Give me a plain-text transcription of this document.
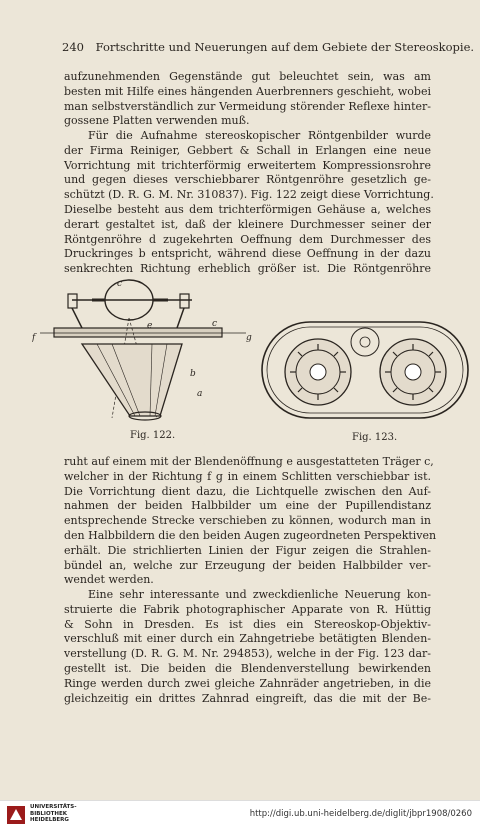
240 Fortschritte und Neuerungen auf dem Gebiete der Stereoskopie.
aufzunehmenden Gegenstände gut beleuchtet sein, was am
besten mit Hilfe eines hängenden Auerbrenners geschieht, wobei
man selbstverständlich zur Vermeidung störender Reflexe hinter-
gossene Platten verwenden muß.
Für die Aufnahme stereoskopischer Röntgenbilder wurde
der Firma Reiniger, Gebbert & Schall in Erlangen eine neue
Vorrichtung mit trichterförmig erweitertem Kompressionsrohre
und gegen dieses verschiebbarer Röntgenröhre gesetzlich ge-
schützt (D. R. G. M. Nr. 310837). Fig. 122 zeigt diese Vorrichtung.
Dieselbe besteht aus dem trichterförmigen Gehäuse a, welches
derart gestaltet ist, daß der kleinere Durchmesser seiner der
Röntgenröhre d zugekehrten Oeffnung dem Durchmesser des
Druckringes b entspricht, während diese Oeffnung in der dazu
senkrechten Richtung erheblich größer ist. Die Röntgenröhre
c
f
e	c
g
b
a
Fig. 122.	Fig. 123.
ruht auf einem mit der Blendenöffnung e ausgestatteten Träger c,
welcher in der Richtung f g in einem Schlitten verschiebbar ist.
Die Vorrichtung dient dazu, die Lichtquelle zwischen den Auf-
nahmen der beiden Halbbilder um eine der Pupillendistanz
entsprechende Strecke verschieben zu können, wodurch man in
den Halbbildern die den beiden Augen zugeordneten Perspektiven
erhält. Die strichlierten Linien der Figur zeigen die Strahlen-
bündel an, welche zur Erzeugung der beiden Halbbilder ver-
wendet werden.
Eine sehr interessante und zweckdienliche Neuerung kon-
struierte die Fabrik photographischer Apparate von R. Hüttig
& Sohn in Dresden. Es ist dies ein Stereoskop-Objektiv-
verschluß mit einer durch ein Zahngetriebe betätigten Blenden-
verstellung (D. R. G. M. Nr. 294853), welche in der Fig. 123 dar-
gestellt ist. Die beiden die Blendenverstellung bewirkenden
Ringe werden durch zwei gleiche Zahnräder angetrieben, in die
gleichzeitig ein drittes Zahnrad eingreift, das die mit der Be-
UNIVERSITÄTS-
BIBLIOTHEK
HEIDELBERG
http://digi.ub.uni-heidelberg.de/diglit/jbpr1908/0260
